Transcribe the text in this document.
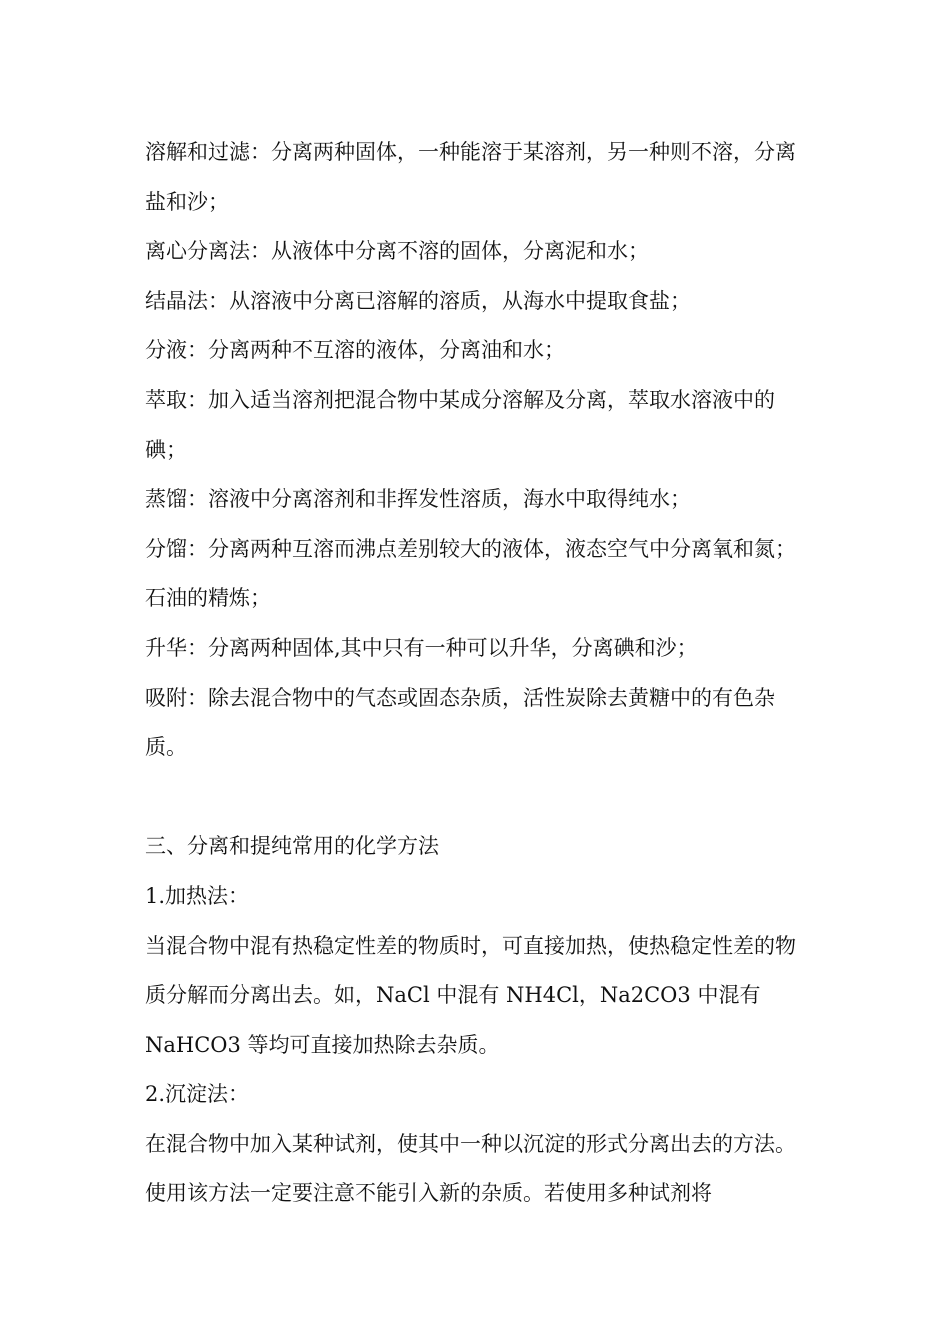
溶解和过滤：分离两种固体，一种能溶于某溶剂，另一种则不溶，分离盐和沙；

离心分离法：从液体中分离不溶的固体，分离泥和水；

结晶法：从溶液中分离已溶解的溶质，从海水中提取食盐；

分液：分离两种不互溶的液体，分离油和水；

萃取：加入适当溶剂把混合物中某成分溶解及分离，萃取水溶液中的碘；

蒸馏：溶液中分离溶剂和非挥发性溶质，海水中取得纯水；

分馏：分离两种互溶而沸点差别较大的液体，液态空气中分离氧和氮；石油的精炼；

升华：分离两种固体,其中只有一种可以升华，分离碘和沙；

吸附：除去混合物中的气态或固态杂质，活性炭除去黄糖中的有色杂质。

三、分离和提纯常用的化学方法

1.加热法：

当混合物中混有热稳定性差的物质时，可直接加热，使热稳定性差的物质分解而分离出去。如，NaCl 中混有 NH4Cl，Na2CO3 中混有 NaHCO3 等均可直接加热除去杂质。

2.沉淀法：

在混合物中加入某种试剂，使其中一种以沉淀的形式分离出去的方法。使用该方法一定要注意不能引入新的杂质。若使用多种试剂将
